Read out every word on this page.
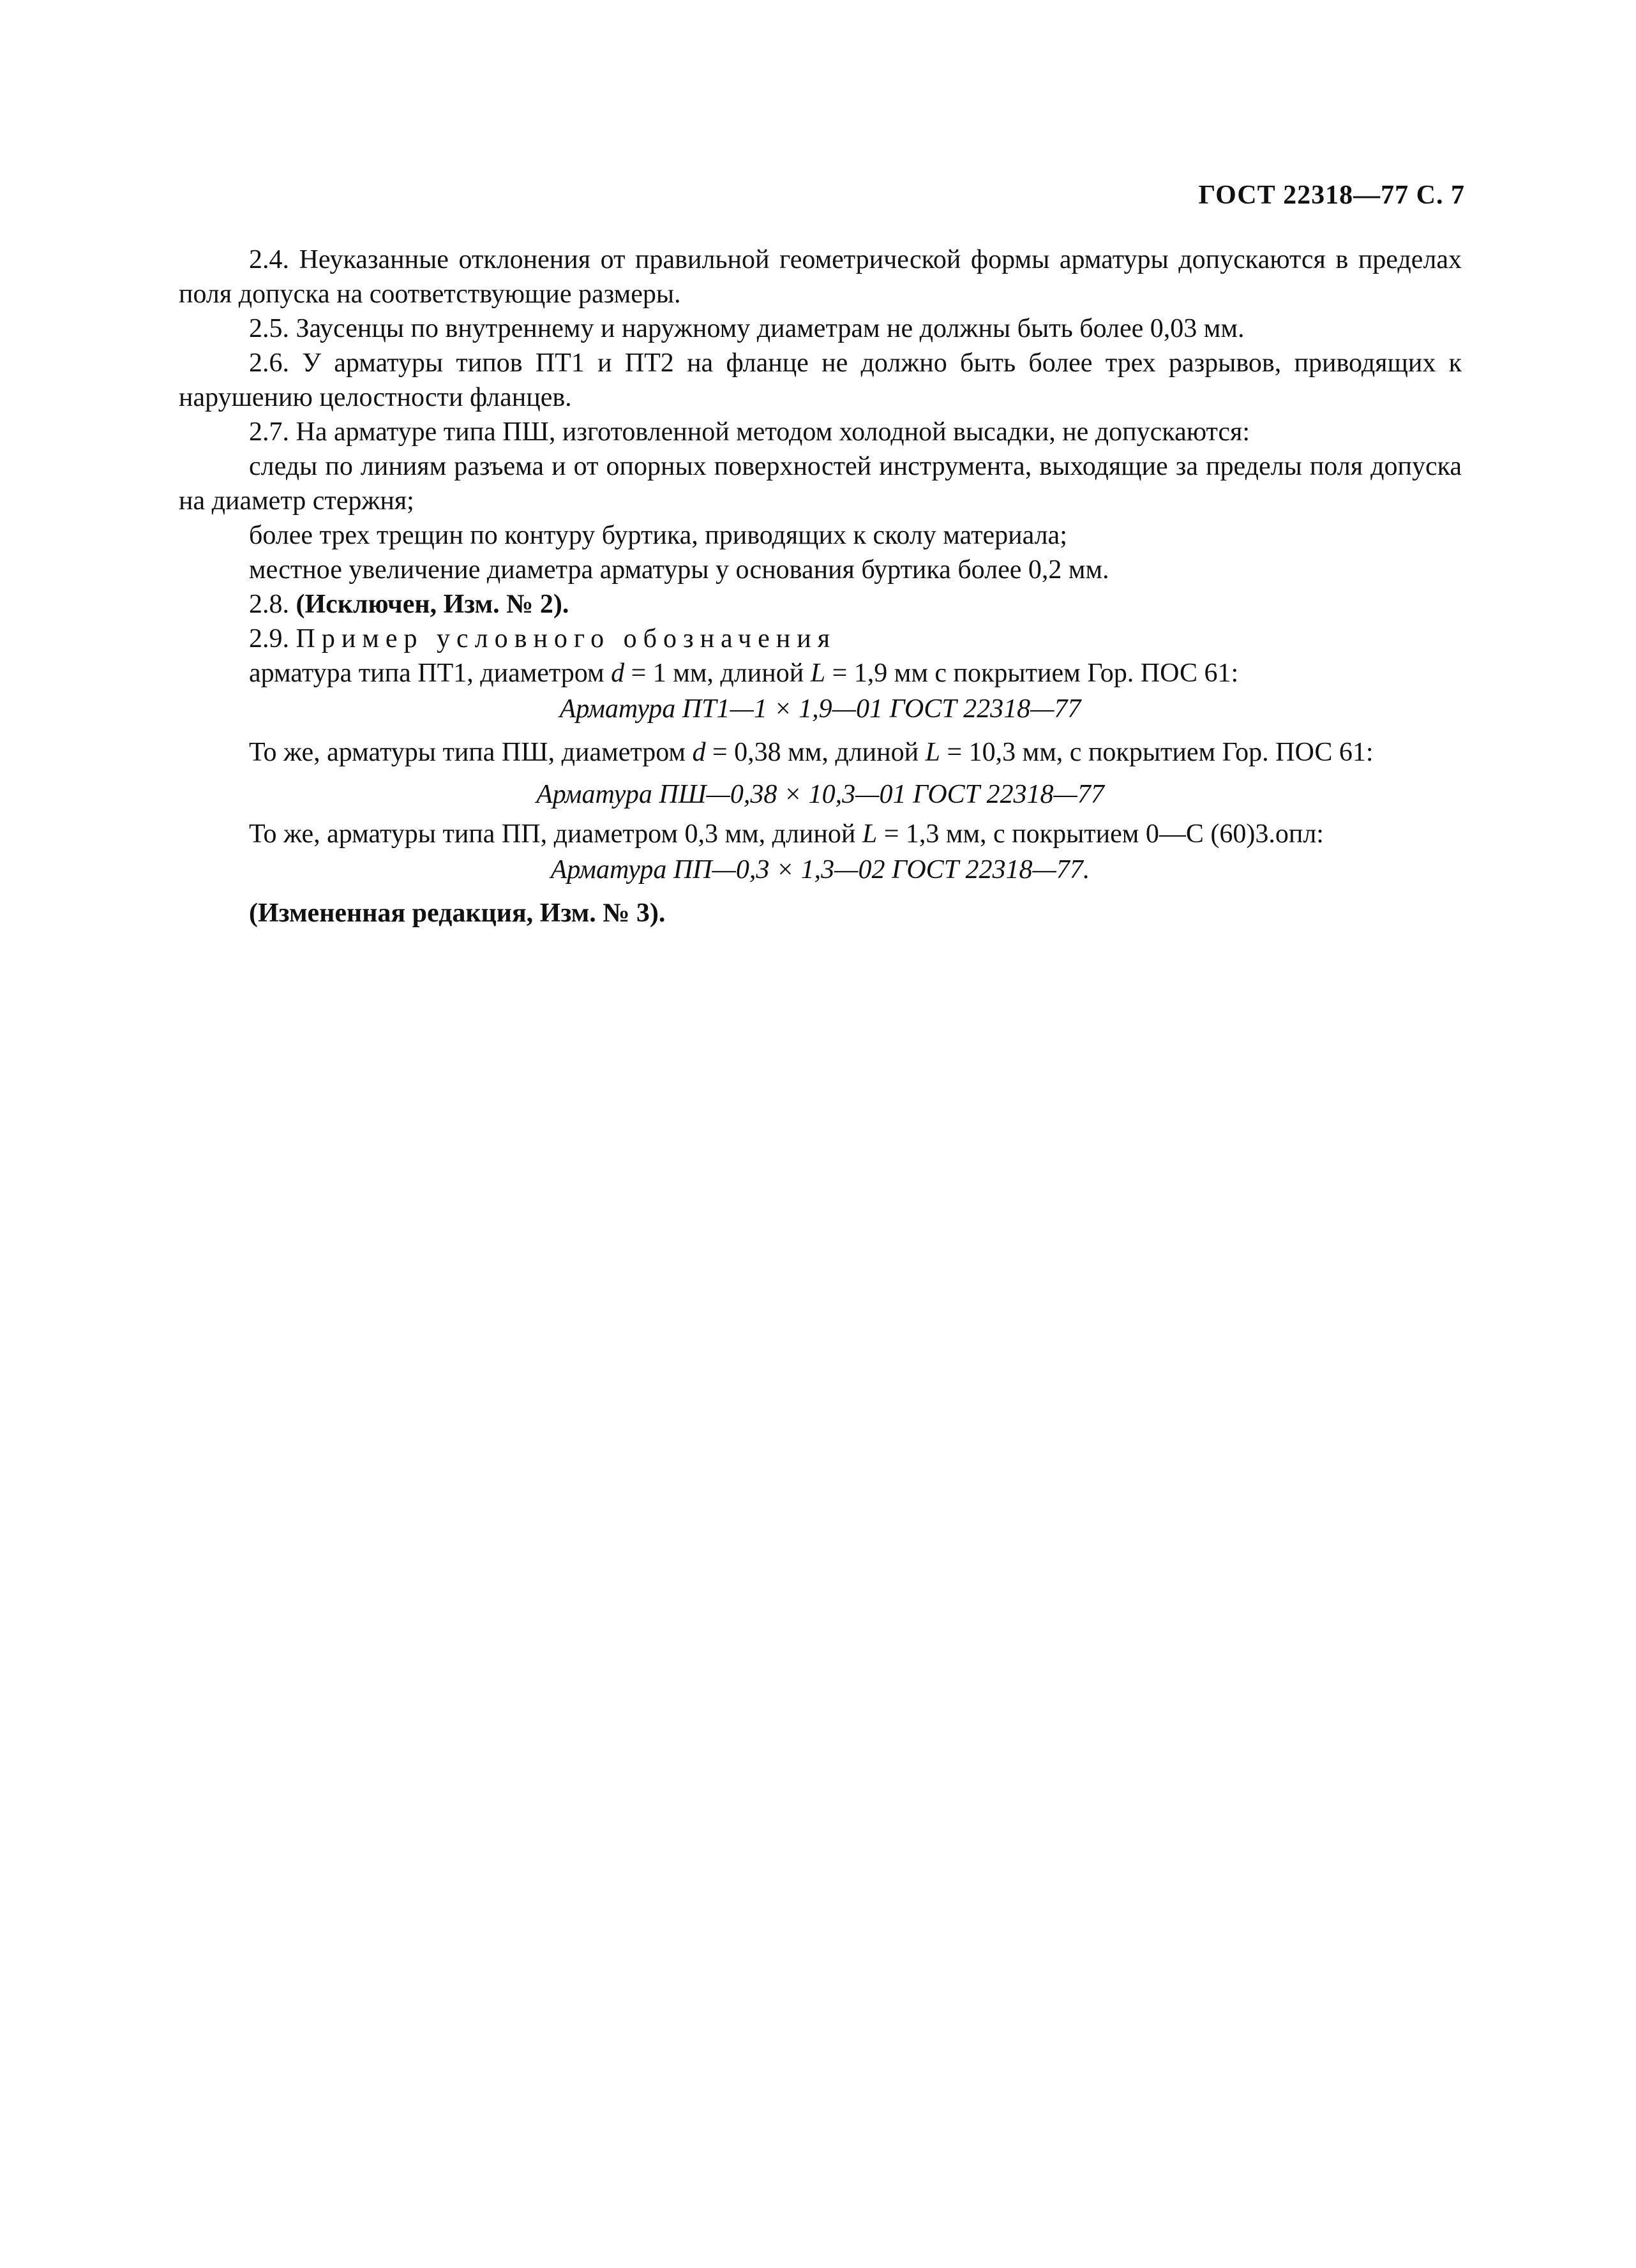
ГОСТ 22318—77 С. 7

2.4. Неуказанные отклонения от правильной геометрической формы арматуры допускаются в пределах поля допуска на соответствующие размеры.

2.5. Заусенцы по внутреннему и наружному диаметрам не должны быть более 0,03 мм.

2.6. У арматуры типов ПТ1 и ПТ2 на фланце не должно быть более трех разрывов, приводящих к нарушению целостности фланцев.

2.7. На арматуре типа ПШ, изготовленной методом холодной высадки, не допускаются:

следы по линиям разъема и от опорных поверхностей инструмента, выходящие за пределы поля допуска на диаметр стержня;

более трех трещин по контуру буртика, приводящих к сколу материала;

местное увеличение диаметра арматуры у основания буртика более 0,2 мм.

2.8. (Исключен, Изм. № 2).

2.9. Пример условного обозначения

арматура типа ПТ1, диаметром d = 1 мм, длиной L = 1,9 мм с покрытием Гор. ПОС 61:

Арматура ПТ1—1 × 1,9—01 ГОСТ 22318—77

То же, арматуры типа ПШ, диаметром d = 0,38 мм, длиной L = 10,3 мм, с покрытием Гор. ПОС 61:

Арматура ПШ—0,38 × 10,3—01 ГОСТ 22318—77

То же, арматуры типа ПП, диаметром 0,3 мм, длиной L = 1,3 мм, с покрытием 0—С (60)3.опл:

Арматура ПП—0,3 × 1,3—02 ГОСТ 22318—77.

(Измененная редакция, Изм. № 3).
